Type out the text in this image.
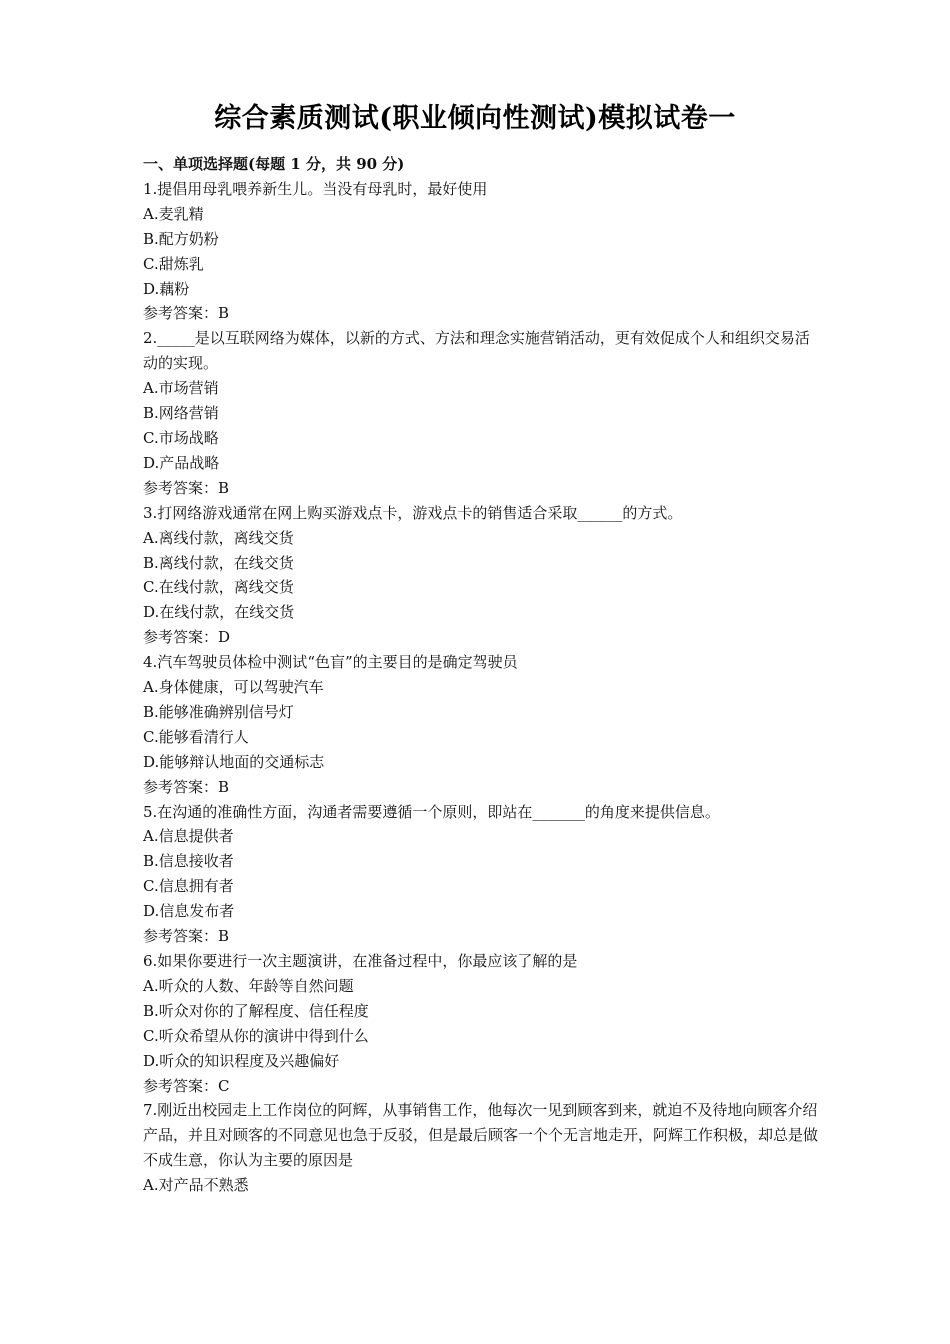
综合素质测试(职业倾向性测试)模拟试卷一
一、单项选择题(每题 1 分，共 90 分)
1.提倡用母乳喂养新生儿。当没有母乳时，最好使用
A.麦乳精
B.配方奶粉
C.甜炼乳
D.藕粉
参考答案：B
2._____是以互联网络为媒体，以新的方式、方法和理念实施营销活动，更有效促成个人和组织交易活动的实现。
A.市场营销
B.网络营销
C.市场战略
D.产品战略
参考答案：B
3.打网络游戏通常在网上购买游戏点卡，游戏点卡的销售适合采取______的方式。
A.离线付款，离线交货
B.离线付款，在线交货
C.在线付款，离线交货
D.在线付款，在线交货
参考答案：D
4.汽车驾驶员体检中测试“色盲”的主要目的是确定驾驶员
A.身体健康，可以驾驶汽车
B.能够准确辨别信号灯
C.能够看清行人
D.能够辩认地面的交通标志
参考答案：B
5.在沟通的准确性方面，沟通者需要遵循一个原则，即站在_______的角度来提供信息。
A.信息提供者
B.信息接收者
C.信息拥有者
D.信息发布者
参考答案：B
6.如果你要进行一次主题演讲，在准备过程中，你最应该了解的是
A.听众的人数、年龄等自然问题
B.听众对你的了解程度、信任程度
C.听众希望从你的演讲中得到什么
D.听众的知识程度及兴趣偏好
参考答案：C
7.刚近出校园走上工作岗位的阿辉，从事销售工作，他每次一见到顾客到来，就迫不及待地向顾客介绍产品，并且对顾客的不同意见也急于反驳，但是最后顾客一个个无言地走开，阿辉工作积极，却总是做不成生意，你认为主要的原因是
A.对产品不熟悉
